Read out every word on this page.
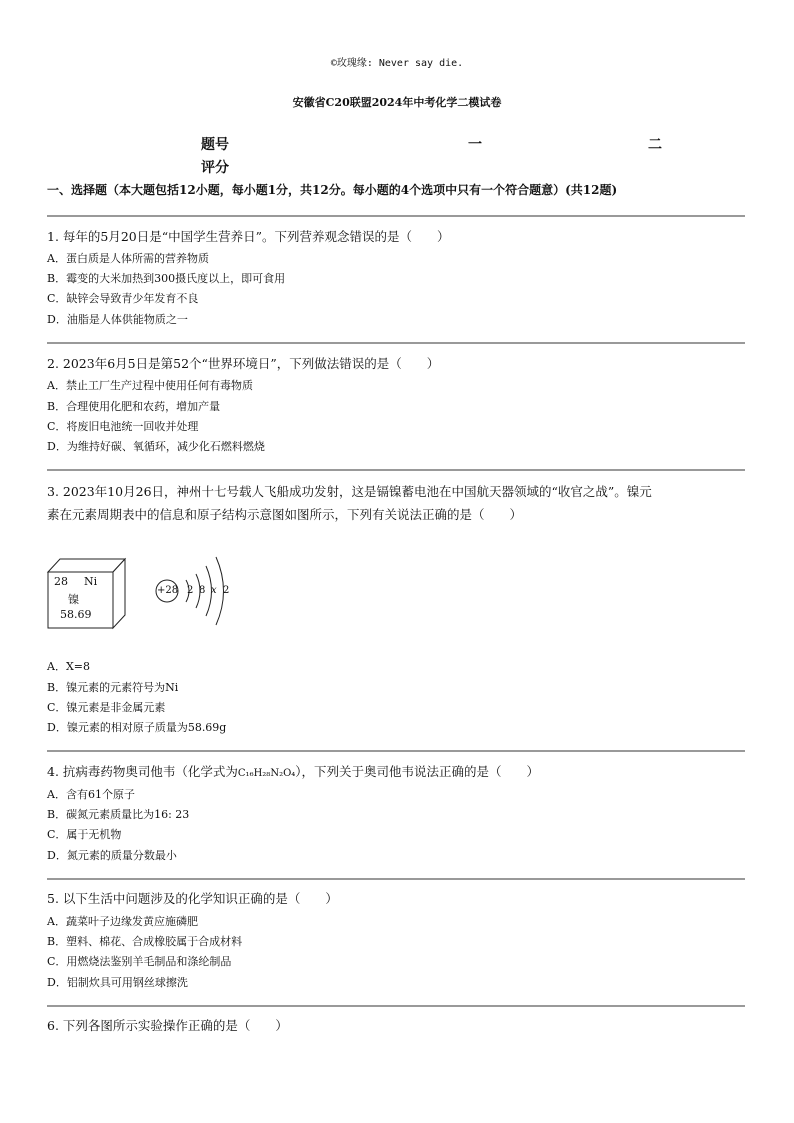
©玫瑰缘: Never say die.
安徽省C20联盟2024年中考化学二模试卷
题号	一	二
评分
一、选择题（本大题包括12小题，每小题1分，共12分。每小题的4个选项中只有一个符合题意）(共12题)
1. 每年的5月20日是“中国学生营养日”。下列营养观念错误的是（　　）
A．蛋白质是人体所需的营养物质
B．霉变的大米加热到300摄氏度以上，即可食用
C．缺锌会导致青少年发育不良
D．油脂是人体供能物质之一
2. 2023年6月5日是第52个“世界环境日”，下列做法错误的是（　　）
A．禁止工厂生产过程中使用任何有毒物质
B．合理使用化肥和农药，增加产量
C．将废旧电池统一回收并处理
D．为维持好碳、氧循环，减少化石燃料燃烧
3. 2023年10月26日，神州十七号载人飞船成功发射，这是镉镍蓄电池在中国航天器领域的“收官之战”。镍元
素在元素周期表中的信息和原子结构示意图如图所示，下列有关说法正确的是（　　）
28 Ni
镍
58.69
+28 2 8 x 2
A．X=8
B．镍元素的元素符号为Ni
C．镍元素是非金属元素
D．镍元素的相对原子质量为58.69g
4. 抗病毒药物奥司他韦（化学式为C₁₆H₂₈N₂O₄），下列关于奥司他韦说法正确的是（　　）
A．含有61个原子
B．碳氮元素质量比为16: 23
C．属于无机物
D．氮元素的质量分数最小
5. 以下生活中问题涉及的化学知识正确的是（　　）
A．蔬菜叶子边缘发黄应施磷肥
B．塑料、棉花、合成橡胶属于合成材料
C．用燃烧法鉴别羊毛制品和涤纶制品
D．铝制炊具可用钢丝球擦洗
6. 下列各图所示实验操作正确的是（　　）
